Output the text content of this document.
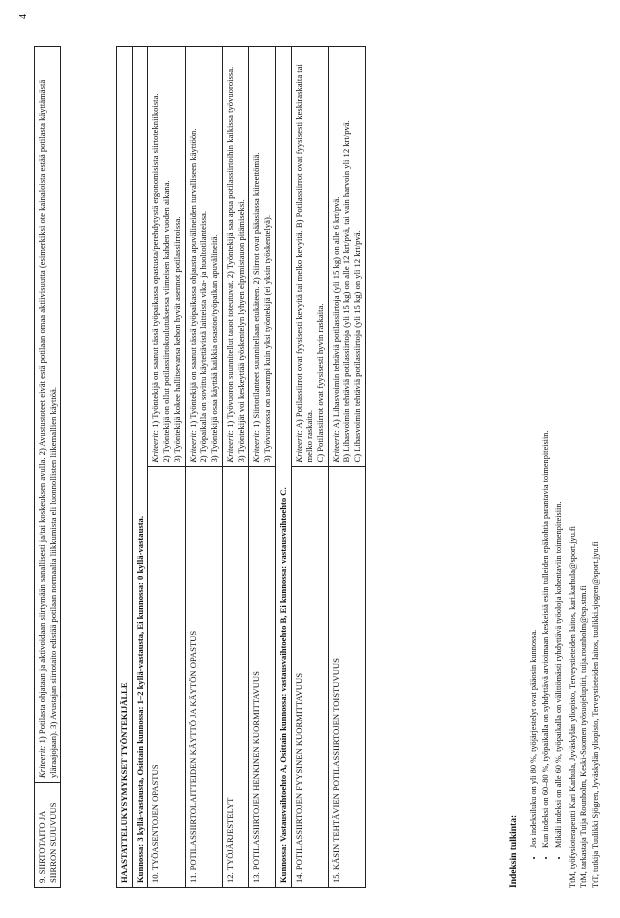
4
9. SIIRTOTAITO JA SIIRRON SUJUVUUS	Kriteerit: 1) Potilasta ohjataan ja aktivoidaan siirtymään sanallisesti ja/tai koskeuksen avulla. 2) Avustustoteet eivät estä potilaan omaa aktiivisuutta (esimerkiksi ote kainaloista estää potilasta käyttämästä yläraajojaan). 3) Avustajan siirtotaito edistää potilaan normaalia liikkumista eli luonnollisten liikemallien käyttöä.
HAASTATTELUKYSYMYKSET TYÖNTEKIJÄLLE	
Kunnossa: 3 kyllä-vastausta, Osittain kunnossa: 1–2 kyllä-vastausta, Ei kunnossa: 0 kyllä-vastausta.	
10. TYÖASENTOJEN OPASTUS	Kriteerit: 1) Työntekijä on saanut tässä työpaikassa opastusta/perehdytystä ergonomisista siirtotekniikoista. 2) Työntekijä on ollut potilassiirtokoulutuksessa viimeisen kahden vuoden aikana. 3) Työntekijä kokee hallitsevansa kehon hyvät asennot potilassiirroissa.

11. POTILASSIIRTOLAITTEIDEN KÄYTTÖ JA KÄYTÖN OPASTUS	Kriteerit: 1) Työntekijä on saanut tässä työpaikassa ohjausta apuvälineiden turvalliseen käyttöön. 2) Työpaikalla on sovittu käytettävistä laitteista vika- ja huoltotilanteissa. 3) Työntekijä osaa käyttää kaikkia osaston/työpaikan apuvälineitä.

12. TYÖJÄRJESTELYT	Kriteerit: 1) Työvuoron suunnitellut tauot toteutuvat. 2) Työntekijä saa apua potilassiirtoihin kaikissa työvuoroissa. 3) Työntekijät voi keskeyttää työskentelyn lyhyen elpymistauon pitämiseksi.

13. POTILASSIIRTOJEN HENKINEN KUORMITTAVUUS	Kriteerit: 1) Siirtotilanteet suunnitellaan etukäteen. 2) Siirrot ovat pääasiassa kiireettömiä. 3) Työvuorossa on useampi kuin yksi työntekijä (ei yksin työskentelyä).

Kunnossa: Vastausvaihtoehto A, Osittain kunnossa: vastausvaihtoehto B, Ei kunnossa: vastausvaihtoehto C.	
14. POTILASSIIRTOJEN FYYSINEN KUORMITTAVUUS	Kriteerit: A) Potilassiirrot ovat fyysisesti kevyitä tai melko kevyitä. B) Potilassiirrot ovat fyysisesti keskiraskaita tai melko raskaita. C) Potilassiirrot ovat fyysisesti hyvin raskaita.

15. KÄSIN TEHTÄVIEN POTILASSIIRTOJEN TOISTUVUUS	Kriteerit: A) Lihasvoimin tehtäviä potilassiirtoja (yli 15 kg) on alle 6 krt/pvä. B) Lihasvoimin tehtäviä potilassiirtoja (yli 15 kg) on alle 12 krt/pvä, tai vain harvoin yli 12 krt/pvä. C) Lihasvoimin tehtäviä potilassiirtoja (yli 15 kg) on yli 12 krt/pvä.
Indeksin tulkinta:
• Jos indeksiluku on yli 80 %, työjärjestelyt ovat pääosin kunnossa. • Kun indeksi on 60–80 %, työpaikalla on syhdyttävä arvioimaan keskeisiä esiin tulleiden epäkohtia parantavia toimenpiteisiin. • Mikäli indeksi on alle 60 %, työpaikalla on välittömästi ryhdyttävä työoloja kohentaviin toimenpiteisiin. TtM, työfysioterapeutti Kari Karhula, Jyväskylän yliopisto, Terveystieteiden laitos, kari.karhula@sport.jyu.fi TtM, tarkastaja Tuija Rounholm, Keski-Suomen työsuojelupiiri, tuija.rounholm@tsp.stm.fi TtT, tutkija Tuulikki Sjögren, Jyväskylän yliopisto, Terveystieteiden laitos, tuulikki.sjogren@sport.jyu.fi
